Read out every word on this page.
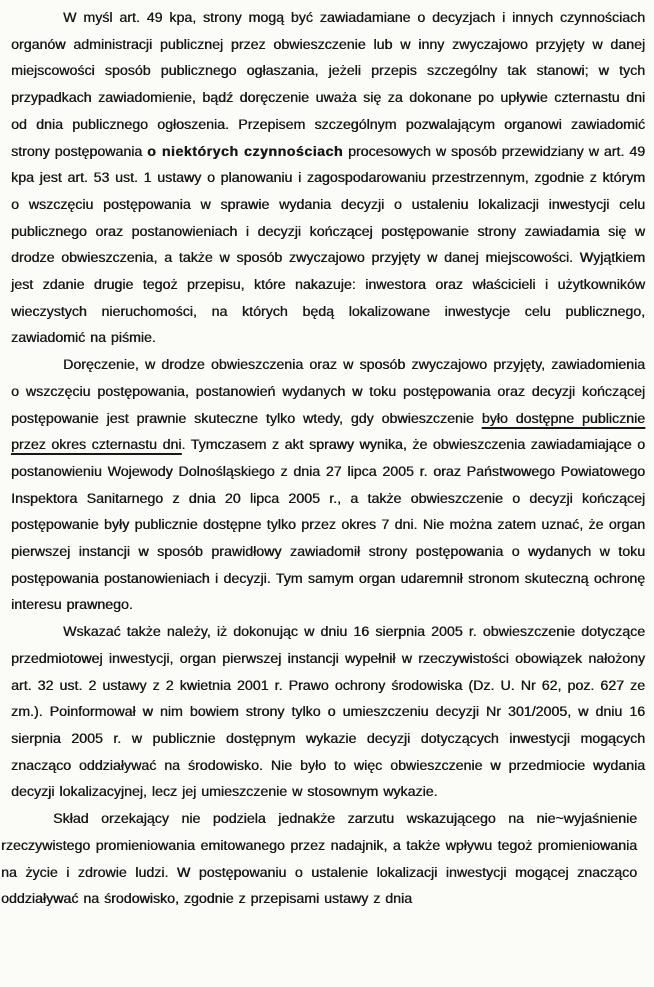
W myśl art. 49 kpa, strony mogą być zawiadamiane o decyzjach i innych czynnościach organów administracji publicznej przez obwieszczenie lub w inny zwyczajowo przyjęty w danej miejscowości sposób publicznego ogłaszania, jeżeli przepis szczególny tak stanowi; w tych przypadkach zawiadomienie, bądź doręczenie uważa się za dokonane po upływie czternastu dni od dnia publicznego ogłoszenia. Przepisem szczególnym pozwalającym organowi zawiadomić strony postępowania o niektórych czynnościach procesowych w sposób przewidziany w art. 49 kpa jest art. 53 ust. 1 ustawy o planowaniu i zagospodarowaniu przestrzennym, zgodnie z którym o wszczęciu postępowania w sprawie wydania decyzji o ustaleniu lokalizacji inwestycji celu publicznego oraz postanowieniach i decyzji kończącej postępowanie strony zawiadamia się w drodze obwieszczenia, a także w sposób zwyczajowo przyjęty w danej miejscowości. Wyjątkiem jest zdanie drugie tegoż przepisu, które nakazuje: inwestora oraz właścicieli i użytkowników wieczystych nieruchomości, na których będą lokalizowane inwestycje celu publicznego, zawiadomić na piśmie.

Doręczenie, w drodze obwieszczenia oraz w sposób zwyczajowo przyjęty, zawiadomienia o wszczęciu postępowania, postanowień wydanych w toku postępowania oraz decyzji kończącej postępowanie jest prawnie skuteczne tylko wtedy, gdy obwieszczenie było dostępne publicznie przez okres czternastu dni. Tymczasem z akt sprawy wynika, że obwieszczenia zawiadamiające o postanowieniu Wojewody Dolnośląskiego z dnia 27 lipca 2005 r. oraz Państwowego Powiatowego Inspektora Sanitarnego z dnia 20 lipca 2005 r., a także obwieszczenie o decyzji kończącej postępowanie były publicznie dostępne tylko przez okres 7 dni. Nie można zatem uznać, że organ pierwszej instancji w sposób prawidłowy zawiadomił strony postępowania o wydanych w toku postępowania postanowieniach i decyzji. Tym samym organ udaremnił stronom skuteczną ochronę interesu prawnego.

Wskazać także należy, iż dokonując w dniu 16 sierpnia 2005 r. obwieszczenie dotyczące przedmiotowej inwestycji, organ pierwszej instancji wypełnił w rzeczywistości obowiązek nałożony art. 32 ust. 2 ustawy z 2 kwietnia 2001 r. Prawo ochrony środowiska (Dz. U. Nr 62, poz. 627 ze zm.). Poinformował w nim bowiem strony tylko o umieszczeniu decyzji Nr 301/2005, w dniu 16 sierpnia 2005 r. w publicznie dostępnym wykazie decyzji dotyczących inwestycji mogących znacząco oddziaływać na środowisko. Nie było to więc obwieszczenie w przedmiocie wydania decyzji lokalizacyjnej, lecz jej umieszczenie w stosownym wykazie.

Skład orzekający nie podziela jednakże zarzutu wskazującego na nie~wyjaśnienie rzeczywistego promieniowania emitowanego przez nadajnik, a także wpływu tegoż promieniowania na życie i zdrowie ludzi. W postępowaniu o ustalenie lokalizacji inwestycji mogącej znacząco oddziaływać na środowisko, zgodnie z przepisami ustawy z dnia
